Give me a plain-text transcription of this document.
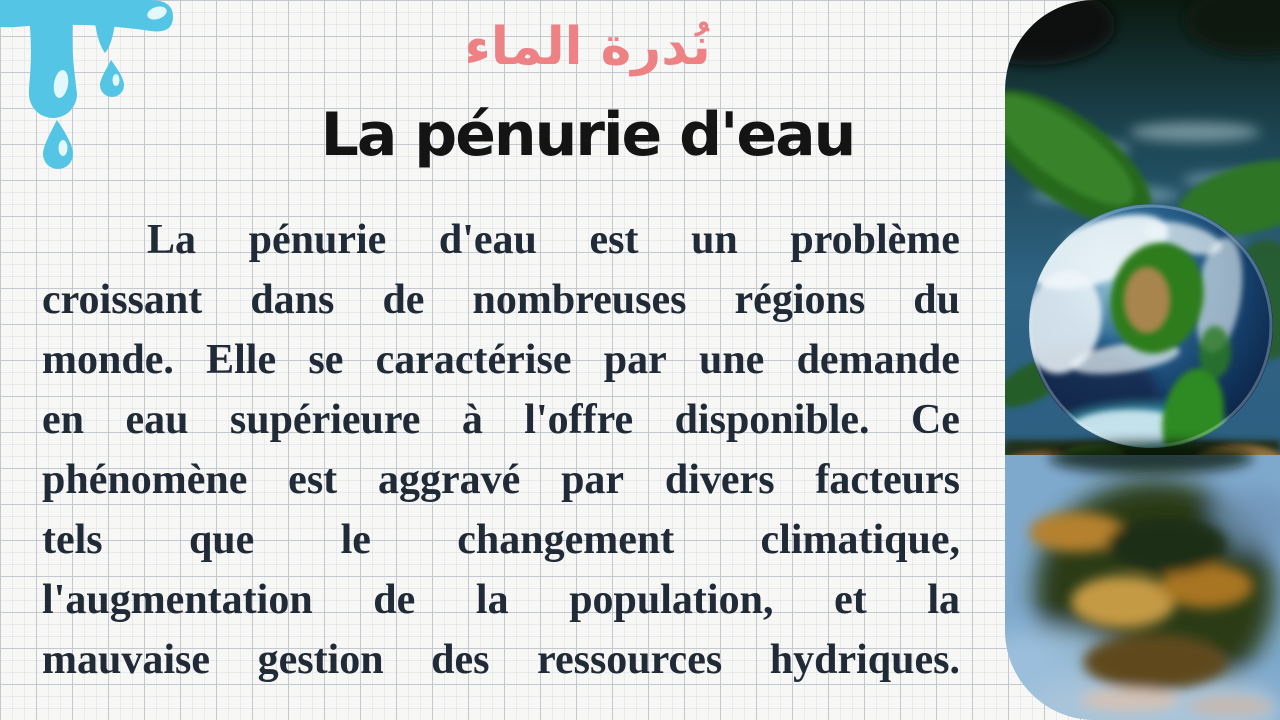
نُدرة الماء
La pénurie d'eau
La pénurie d'eau est un problème
croissant dans de nombreuses régions du
monde. Elle se caractérise par une demande
en eau supérieure à l'offre disponible. Ce
phénomène est aggravé par divers facteurs
tels que le changement climatique,
l'augmentation de la population, et la
mauvaise gestion des ressources hydriques.
